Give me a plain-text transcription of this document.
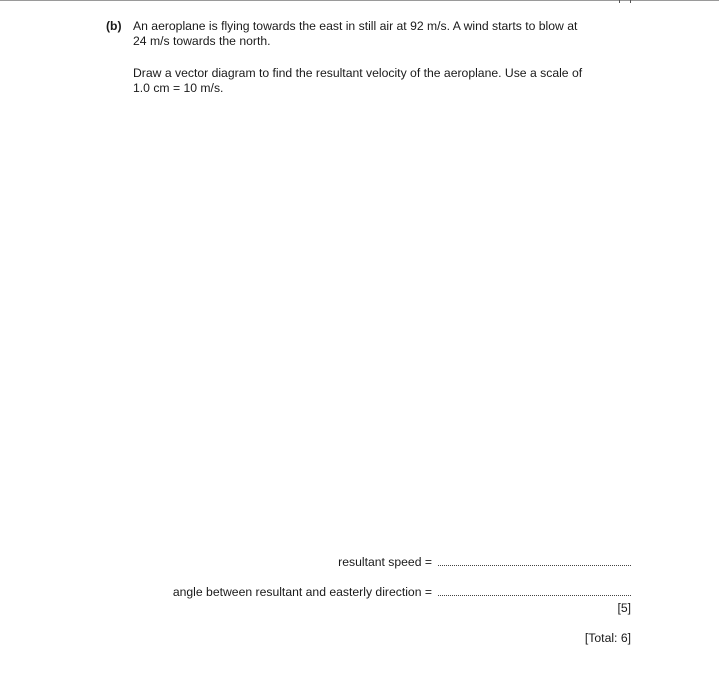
(b) An aeroplane is flying towards the east in still air at 92 m/s. A wind starts to blow at
24 m/s towards the north.
Draw a vector diagram to find the resultant velocity of the aeroplane. Use a scale of
1.0 cm = 10 m/s.
resultant speed =
angle between resultant and easterly direction =
[5]
[Total: 6]
